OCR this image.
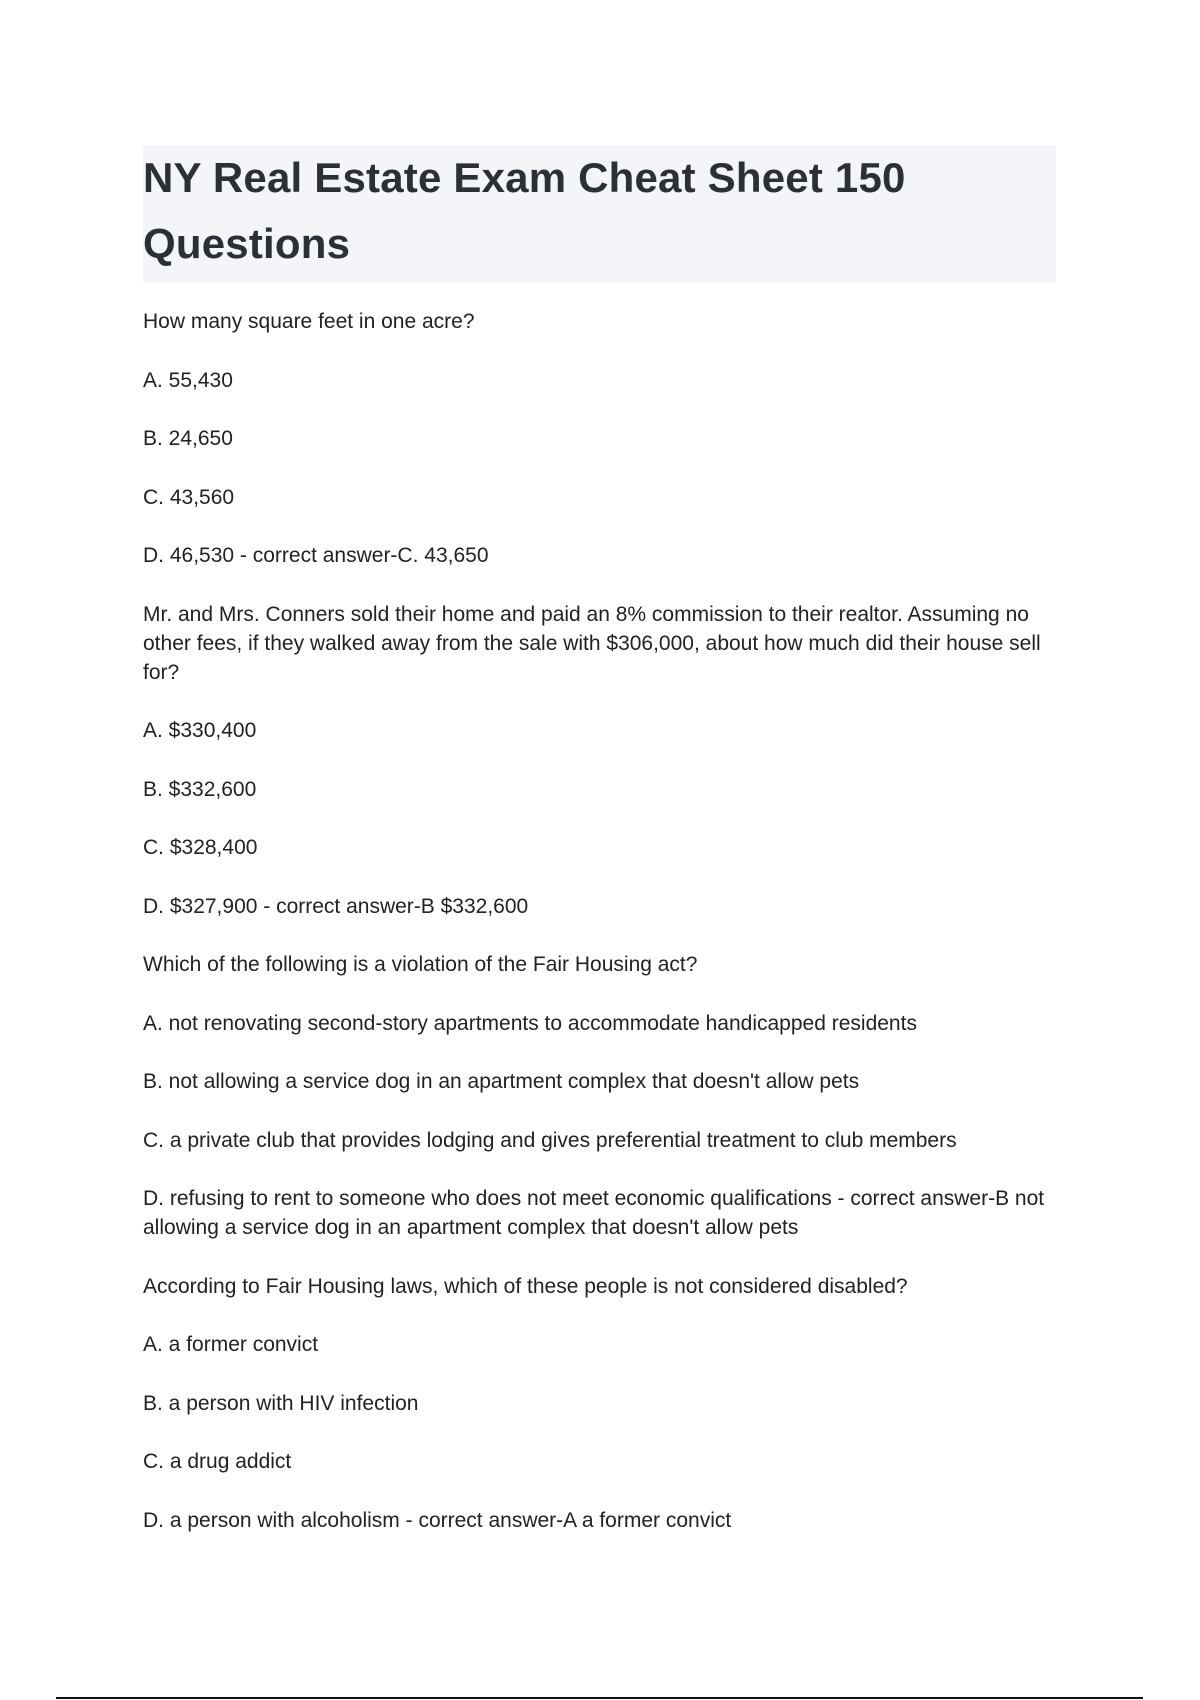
NY Real Estate Exam Cheat Sheet 150 Questions

How many square feet in one acre?

A. 55,430

B. 24,650

C. 43,560

D. 46,530 - correct answer-C. 43,650

Mr. and Mrs. Conners sold their home and paid an 8% commission to their realtor. Assuming no other fees, if they walked away from the sale with $306,000, about how much did their house sell for?

A. $330,400

B. $332,600

C. $328,400

D. $327,900 - correct answer-B $332,600

Which of the following is a violation of the Fair Housing act?

A. not renovating second-story apartments to accommodate handicapped residents

B. not allowing a service dog in an apartment complex that doesn't allow pets

C. a private club that provides lodging and gives preferential treatment to club members

D. refusing to rent to someone who does not meet economic qualifications - correct answer-B not allowing a service dog in an apartment complex that doesn't allow pets

According to Fair Housing laws, which of these people is not considered disabled?

A. a former convict

B. a person with HIV infection

C. a drug addict

D. a person with alcoholism - correct answer-A a former convict
